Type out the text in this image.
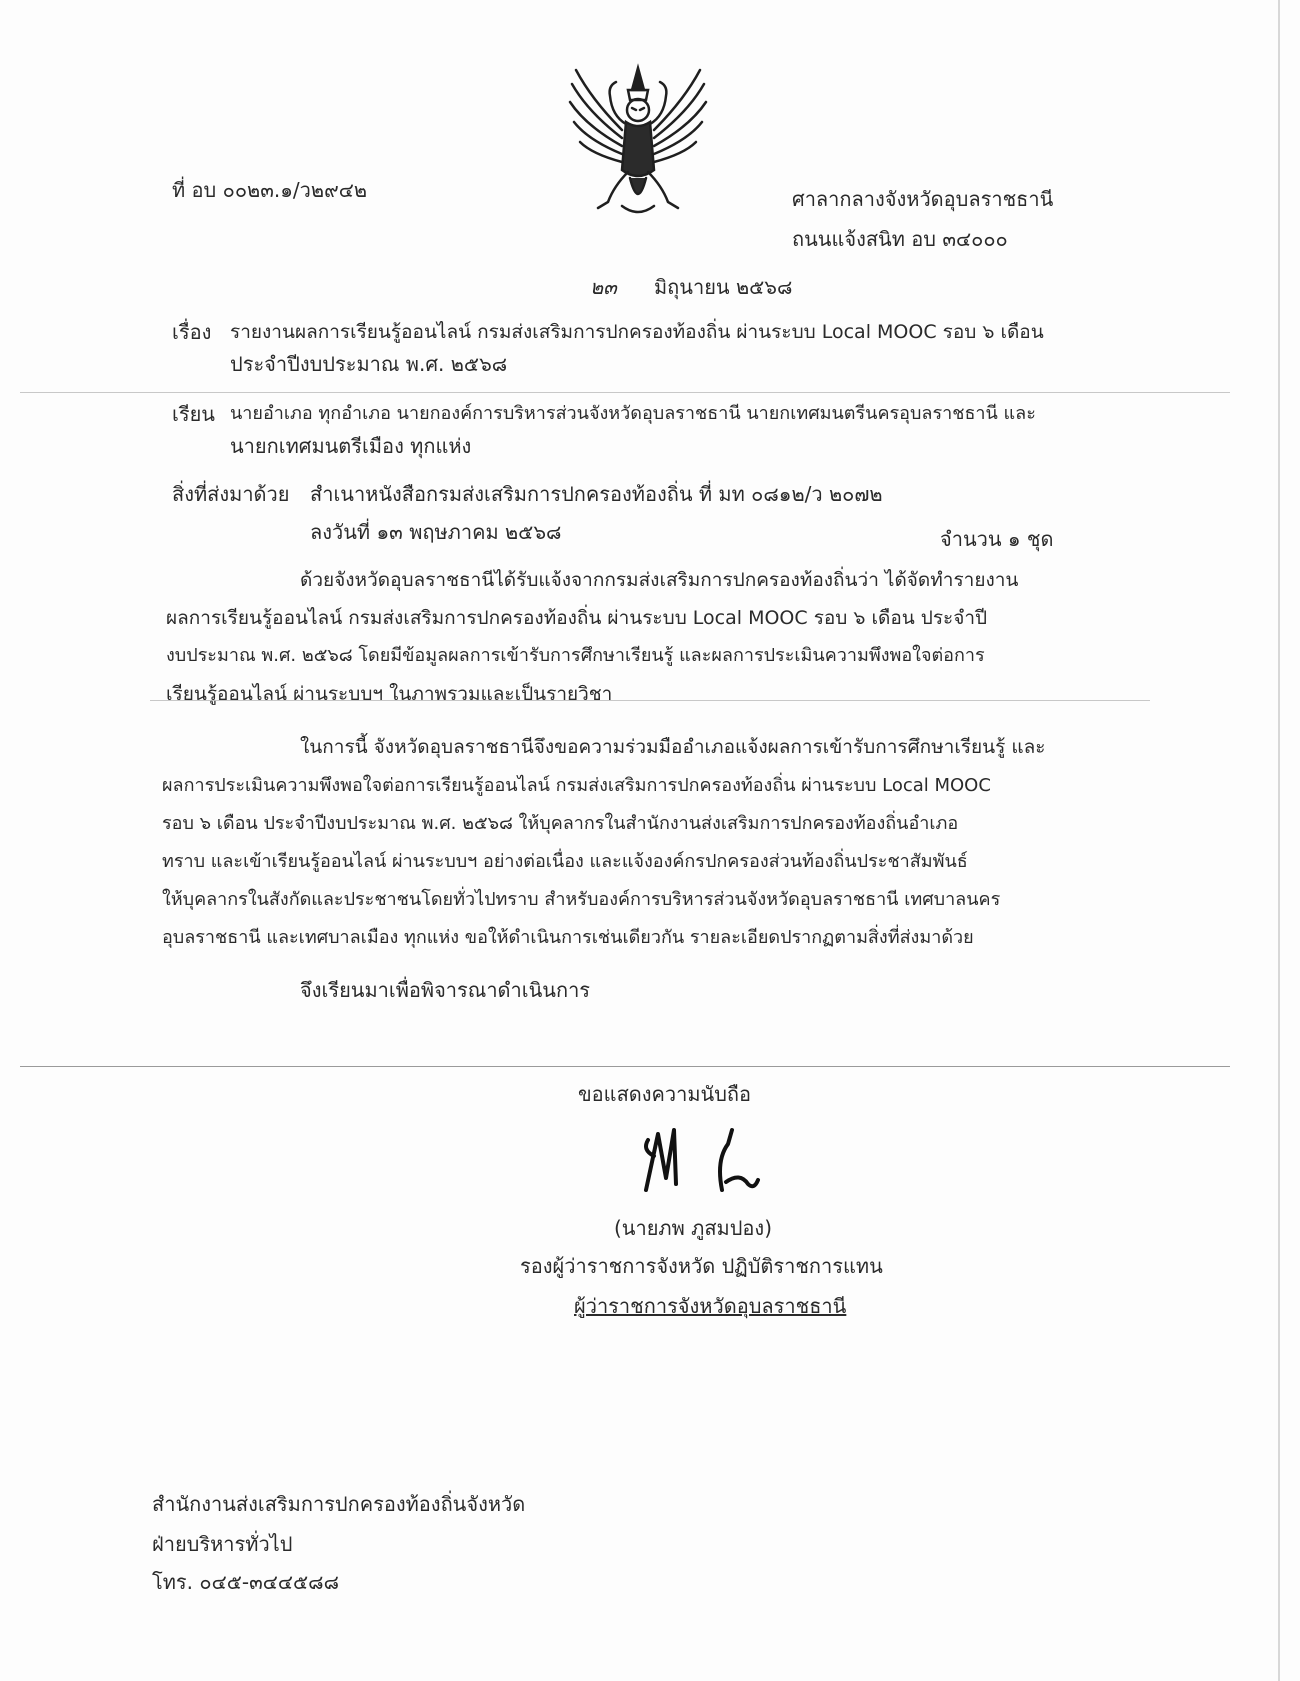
ที่ อบ ๐๐๒๓.๑/ว๒๙๔๒	ศาลากลางจังหวัดอุบลราชธานี
ถนนแจ้งสนิท อบ ๓๔๐๐๐
๒๓ มิถุนายน ๒๕๖๘
เรื่อง รายงานผลการเรียนรู้ออนไลน์ กรมส่งเสริมการปกครองท้องถิ่น ผ่านระบบ Local MOOC รอบ ๖ เดือน
ประจำปีงบประมาณ พ.ศ. ๒๕๖๘
เรียน นายอำเภอ ทุกอำเภอ นายกองค์การบริหารส่วนจังหวัดอุบลราชธานี นายกเทศมนตรีนครอุบลราชธานี และ
นายกเทศมนตรีเมือง ทุกแห่ง
สิ่งที่ส่งมาด้วย สำเนาหนังสือกรมส่งเสริมการปกครองท้องถิ่น ที่ มท ๐๘๑๒/ว ๒๐๗๒
ลงวันที่ ๑๓ พฤษภาคม ๒๕๖๘	จำนวน ๑ ชุด
ด้วยจังหวัดอุบลราชธานีได้รับแจ้งจากกรมส่งเสริมการปกครองท้องถิ่นว่า ได้จัดทำรายงาน
ผลการเรียนรู้ออนไลน์ กรมส่งเสริมการปกครองท้องถิ่น ผ่านระบบ Local MOOC รอบ ๖ เดือน ประจำปี
งบประมาณ พ.ศ. ๒๕๖๘ โดยมีข้อมูลผลการเข้ารับการศึกษาเรียนรู้ และผลการประเมินความพึงพอใจต่อการ
เรียนรู้ออนไลน์ ผ่านระบบฯ ในภาพรวมและเป็นรายวิชา
ในการนี้ จังหวัดอุบลราชธานีจึงขอความร่วมมืออำเภอแจ้งผลการเข้ารับการศึกษาเรียนรู้ และ
ผลการประเมินความพึงพอใจต่อการเรียนรู้ออนไลน์ กรมส่งเสริมการปกครองท้องถิ่น ผ่านระบบ Local MOOC
รอบ ๖ เดือน ประจำปีงบประมาณ พ.ศ. ๒๕๖๘ ให้บุคลากรในสำนักงานส่งเสริมการปกครองท้องถิ่นอำเภอ
ทราบ และเข้าเรียนรู้ออนไลน์ ผ่านระบบฯ อย่างต่อเนื่อง และแจ้งองค์กรปกครองส่วนท้องถิ่นประชาสัมพันธ์
ให้บุคลากรในสังกัดและประชาชนโดยทั่วไปทราบ สำหรับองค์การบริหารส่วนจังหวัดอุบลราชธานี เทศบาลนคร
อุบลราชธานี และเทศบาลเมือง ทุกแห่ง ขอให้ดำเนินการเช่นเดียวกัน รายละเอียดปรากฏตามสิ่งที่ส่งมาด้วย
จึงเรียนมาเพื่อพิจารณาดำเนินการ
ขอแสดงความนับถือ
(นายภพ ภูสมปอง)
รองผู้ว่าราชการจังหวัด ปฏิบัติราชการแทน
ผู้ว่าราชการจังหวัดอุบลราชธานี
สำนักงานส่งเสริมการปกครองท้องถิ่นจังหวัด
ฝ่ายบริหารทั่วไป
โทร. ๐๔๕-๓๔๔๕๘๘
